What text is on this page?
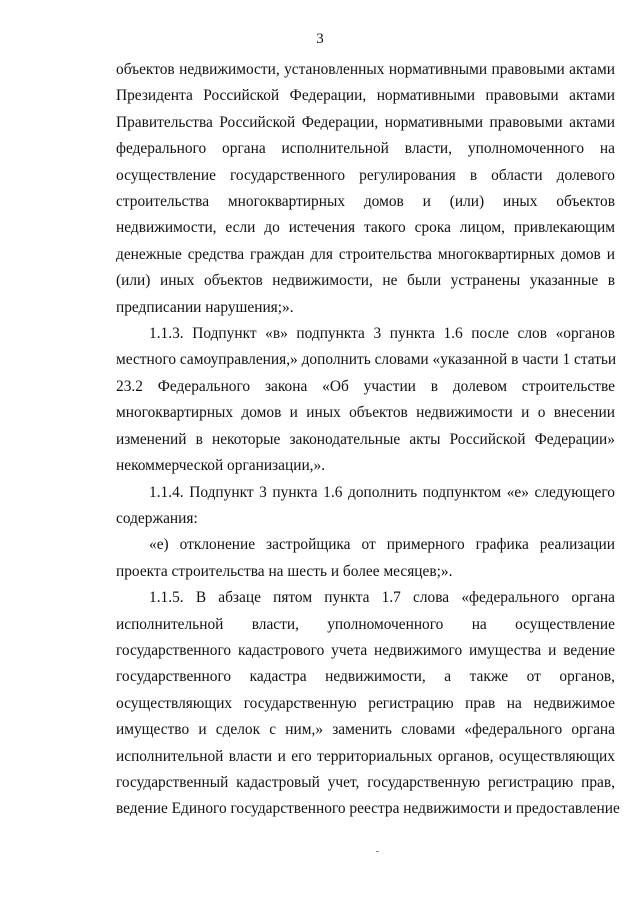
3
объектов недвижимости, установленных нормативными правовыми актами
Президента Российской Федерации, нормативными правовыми актами
Правительства Российской Федерации, нормативными правовыми актами
федерального органа исполнительной власти, уполномоченного на
осуществление государственного регулирования в области долевого
строительства многоквартирных домов и (или) иных объектов
недвижимости, если до истечения такого срока лицом, привлекающим
денежные средства граждан для строительства многоквартирных домов и
(или) иных объектов недвижимости, не были устранены указанные в
предписании нарушения;».
1.1.3. Подпункт «в» подпункта 3 пункта 1.6 после слов «органов
местного самоуправления,» дополнить словами «указанной в части 1 статьи
23.2 Федерального закона «Об участии в долевом строительстве
многоквартирных домов и иных объектов недвижимости и о внесении
изменений в некоторые законодательные акты Российской Федерации»
некоммерческой организации,».
1.1.4. Подпункт 3 пункта 1.6 дополнить подпунктом «е» следующего
содержания:
«е) отклонение застройщика от примерного графика реализации
проекта строительства на шесть и более месяцев;».
1.1.5. В абзаце пятом пункта 1.7 слова «федерального органа
исполнительной власти, уполномоченного на осуществление
государственного кадастрового учета недвижимого имущества и ведение
государственного кадастра недвижимости, а также от органов,
осуществляющих государственную регистрацию прав на недвижимое
имущество и сделок с ним,» заменить словами «федерального органа
исполнительной власти и его территориальных органов, осуществляющих
государственный кадастровый учет, государственную регистрацию прав,
ведение Единого государственного реестра недвижимости и предоставление
